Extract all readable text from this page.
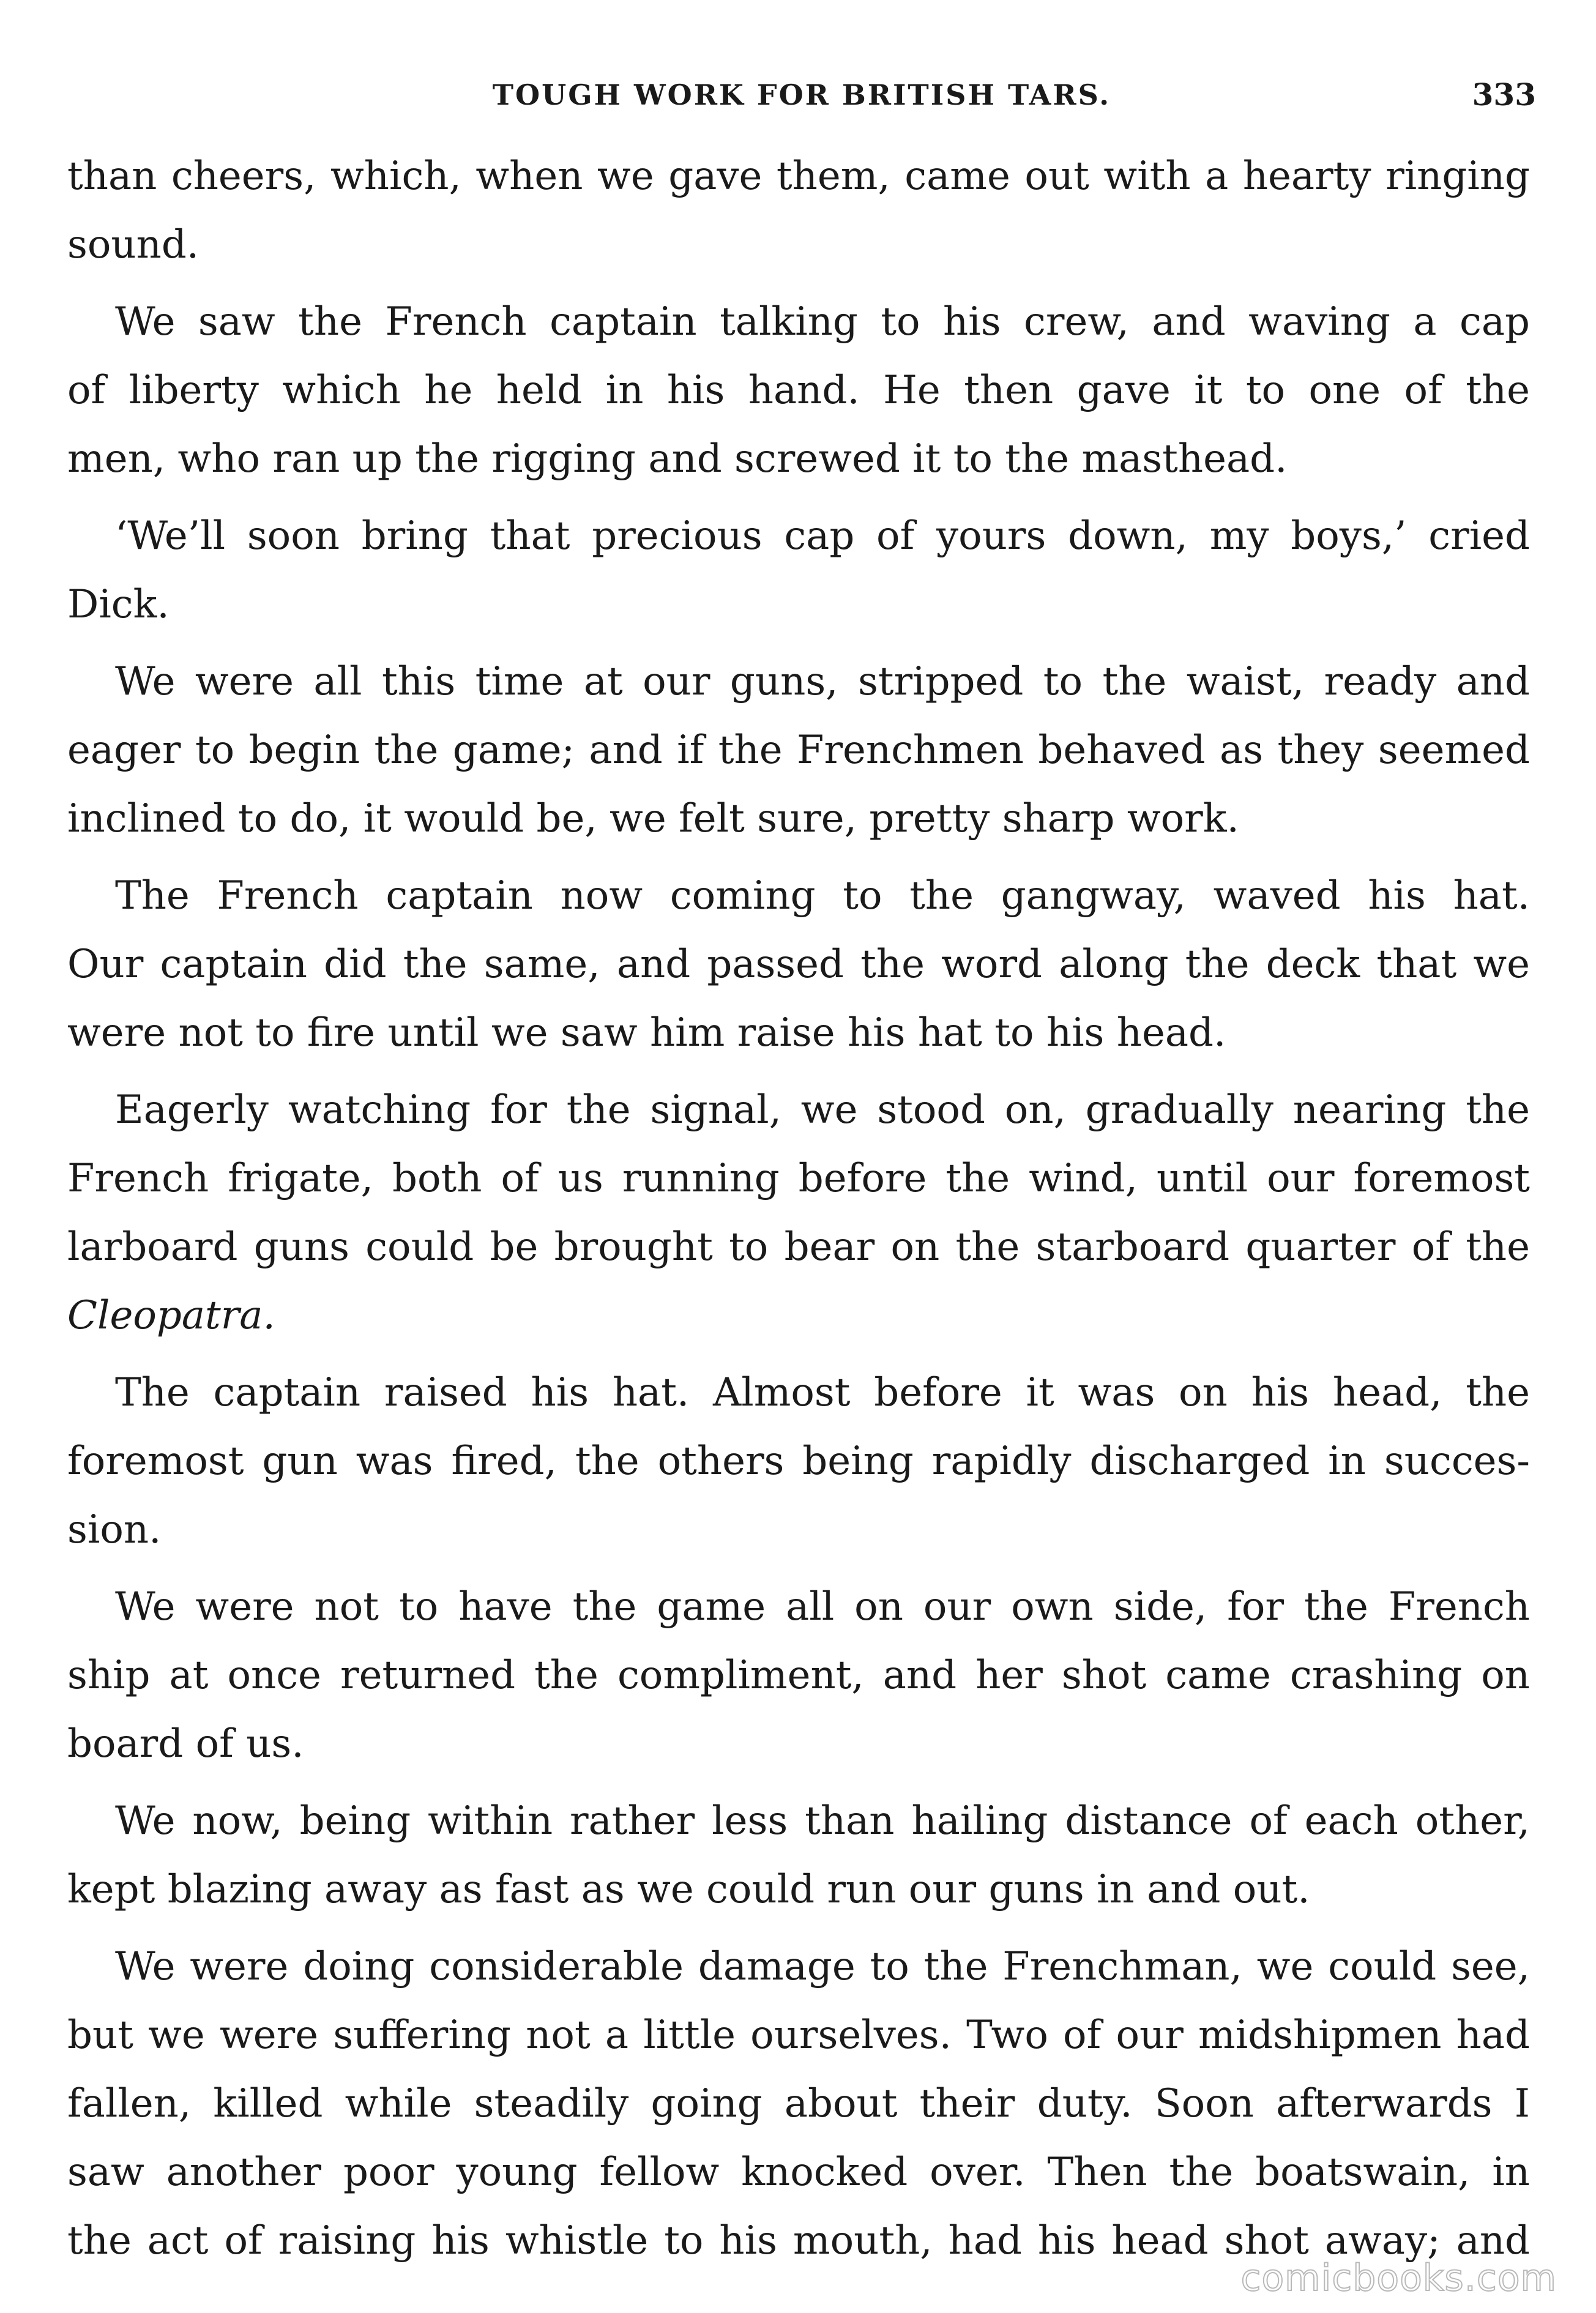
TOUGH WORK FOR BRITISH TARS.	333
than cheers, which, when we gave them, came out with a hearty ringing
sound.
We saw the French captain talking to his crew, and waving a cap
of liberty which he held in his hand. He then gave it to one of the
men, who ran up the rigging and screwed it to the masthead.
‘We’ll soon bring that precious cap of yours down, my boys,’ cried
Dick.
We were all this time at our guns, stripped to the waist, ready and
eager to begin the game; and if the Frenchmen behaved as they seemed
inclined to do, it would be, we felt sure, pretty sharp work.
The French captain now coming to the gangway, waved his hat.
Our captain did the same, and passed the word along the deck that we
were not to fire until we saw him raise his hat to his head.
Eagerly watching for the signal, we stood on, gradually nearing the
French frigate, both of us running before the wind, until our foremost
larboard guns could be brought to bear on the starboard quarter of the
Cleopatra.
The captain raised his hat. Almost before it was on his head, the
foremost gun was fired, the others being rapidly discharged in succes-
sion.
We were not to have the game all on our own side, for the French
ship at once returned the compliment, and her shot came crashing on
board of us.
We now, being within rather less than hailing distance of each other,
kept blazing away as fast as we could run our guns in and out.
We were doing considerable damage to the Frenchman, we could see,
but we were suffering not a little ourselves. Two of our midshipmen had
fallen, killed while steadily going about their duty. Soon afterwards I
saw another poor young fellow knocked over. Then the boatswain, in
the act of raising his whistle to his mouth, had his head shot away; and
comicbooks.com
